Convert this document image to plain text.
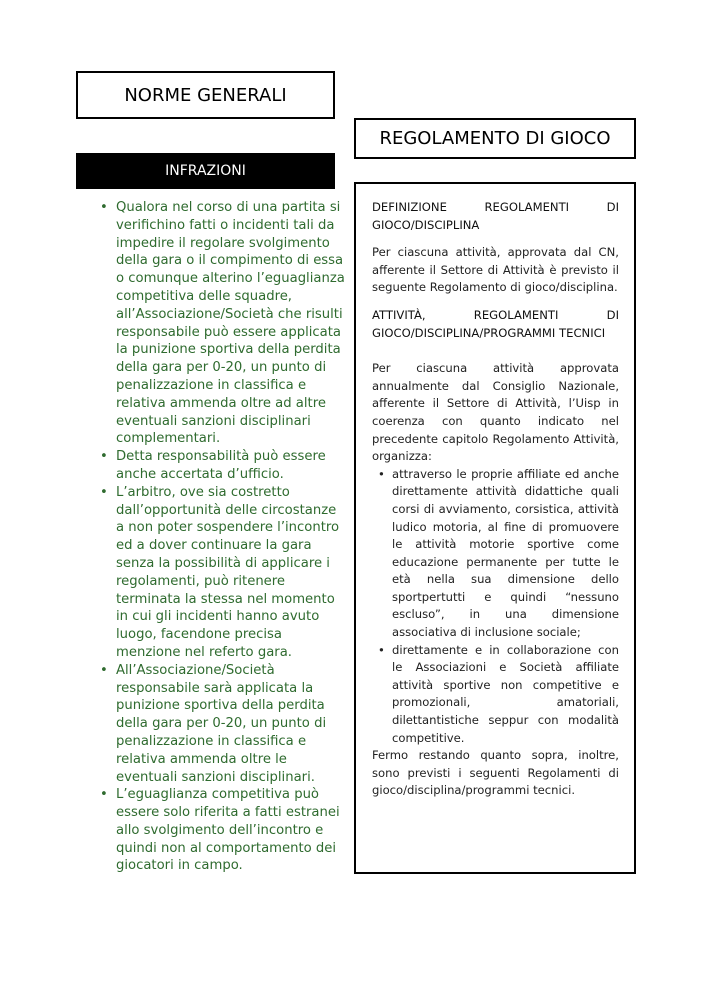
NORME GENERALI
REGOLAMENTO DI GIOCO
INFRAZIONI
• Qualora nel corso di una partita si verifichino fatti o incidenti tali da impedire il regolare svolgimento della gara o il compimento di essa o comunque alterino l’eguaglianza competitiva delle squadre, all’Associazione/Società che risulti responsabile può essere applicata la punizione sportiva della perdita della gara per 0-20, un punto di penalizzazione in classifica e relativa ammenda oltre ad altre eventuali sanzioni disciplinari complementari.
• Detta responsabilità può essere anche accertata d’ufficio.
• L’arbitro, ove sia costretto dall’opportunità delle circostanze a non poter sospendere l’incontro ed a dover continuare la gara senza la possibilità di applicare i regolamenti, può ritenere terminata la stessa nel momento in cui gli incidenti hanno avuto luogo, facendone precisa menzione nel referto gara.
• All’Associazione/Società responsabile sarà applicata la punizione sportiva della perdita della gara per 0-20, un punto di penalizzazione in classifica e relativa ammenda oltre le eventuali sanzioni disciplinari.
• L’eguaglianza competitiva può essere solo riferita a fatti estranei allo svolgimento dell’incontro e quindi non al comportamento dei giocatori in campo.

DEFINIZIONE REGOLAMENTI DI GIOCO/DISCIPLINA

Per ciascuna attività, approvata dal CN, afferente il Settore di Attività è previsto il seguente Regolamento di gioco/disciplina.

ATTIVITÀ, REGOLAMENTI DI GIOCO/DISCIPLINA/PROGRAMMI TECNICI

Per ciascuna attività approvata annualmente dal Consiglio Nazionale, afferente il Settore di Attività, l’Uisp in coerenza con quanto indicato nel precedente capitolo Regolamento Attività, organizza:

• attraverso le proprie affiliate ed anche direttamente attività didattiche quali corsi di avviamento, corsistica, attività ludico motoria, al fine di promuovere le attività motorie sportive come educazione permanente per tutte le età nella sua dimensione dello sportpertutti e quindi “nessuno escluso”, in una dimensione associativa di inclusione sociale;
• direttamente e in collaborazione con le Associazioni e Società affiliate attività sportive non competitive e promozionali, amatoriali, dilettantistiche seppur con modalità competitive.

Fermo restando quanto sopra, inoltre, sono previsti i seguenti Regolamenti di gioco/disciplina/programmi tecnici.
